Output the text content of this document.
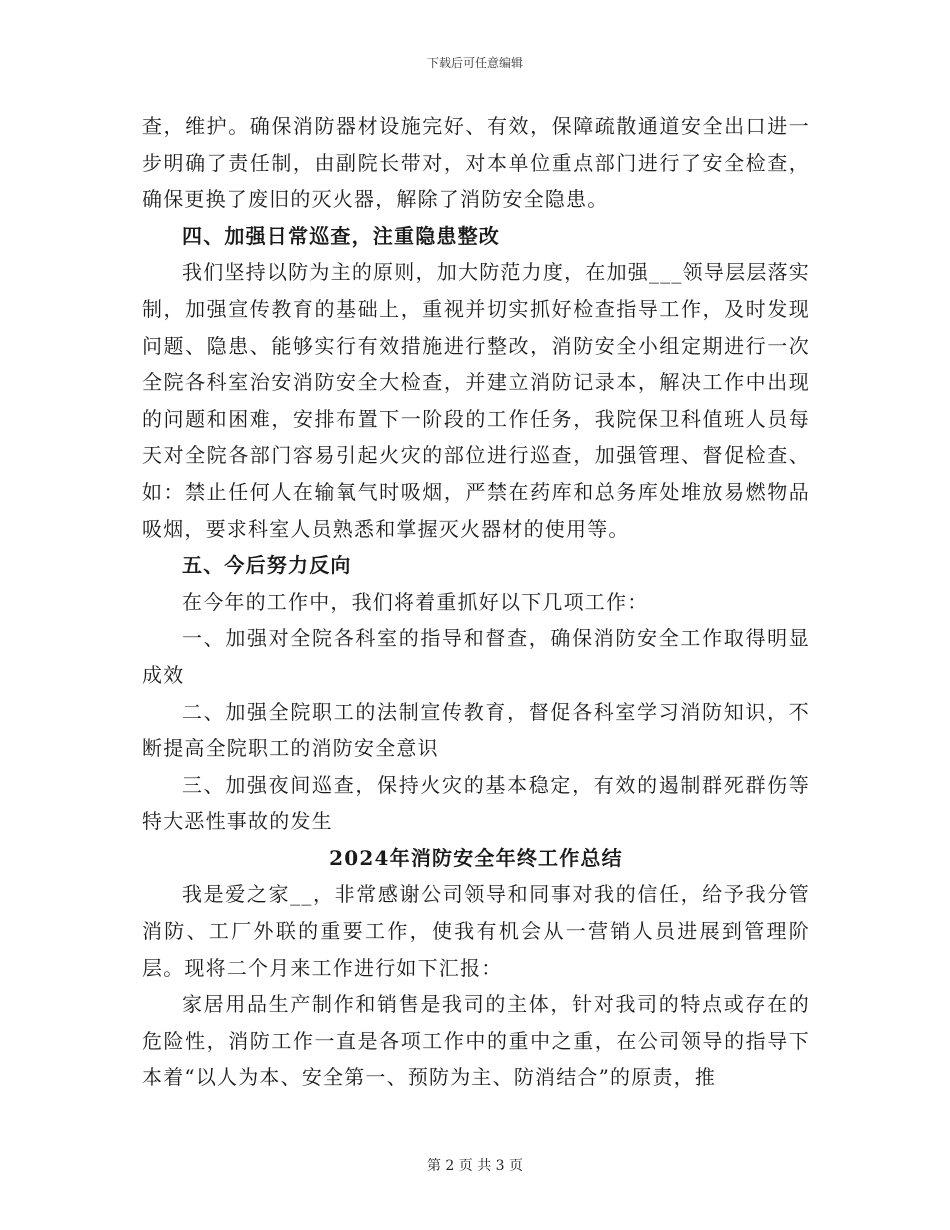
下载后可任意编辑

查，维护。确保消防器材设施完好、有效，保障疏散通道安全出口进一步明确了责任制，由副院长带对，对本单位重点部门进行了安全检查，确保更换了废旧的灭火器，解除了消防安全隐患。

四、加强日常巡查，注重隐患整改

我们坚持以防为主的原则，加大防范力度，在加强___领导层层落实制，加强宣传教育的基础上，重视并切实抓好检查指导工作，及时发现问题、隐患、能够实行有效措施进行整改，消防安全小组定期进行一次全院各科室治安消防安全大检查，并建立消防记录本，解决工作中出现的问题和困难，安排布置下一阶段的工作任务，我院保卫科值班人员每天对全院各部门容易引起火灾的部位进行巡查，加强管理、督促检查、如：禁止任何人在输氧气时吸烟，严禁在药库和总务库处堆放易燃物品吸烟，要求科室人员熟悉和掌握灭火器材的使用等。

五、今后努力反向

在今年的工作中，我们将着重抓好以下几项工作：

一、加强对全院各科室的指导和督查，确保消防安全工作取得明显成效

二、加强全院职工的法制宣传教育，督促各科室学习消防知识，不断提高全院职工的消防安全意识

三、加强夜间巡查，保持火灾的基本稳定，有效的遏制群死群伤等特大恶性事故的发生

2024年消防安全年终工作总结

我是爱之家__，非常感谢公司领导和同事对我的信任，给予我分管消防、工厂外联的重要工作，使我有机会从一营销人员进展到管理阶层。现将二个月来工作进行如下汇报：

家居用品生产制作和销售是我司的主体，针对我司的特点或存在的危险性，消防工作一直是各项工作中的重中之重，在公司领导的指导下本着“以人为本、安全第一、预防为主、防消结合”的原责，推

第 2 页 共 3 页
